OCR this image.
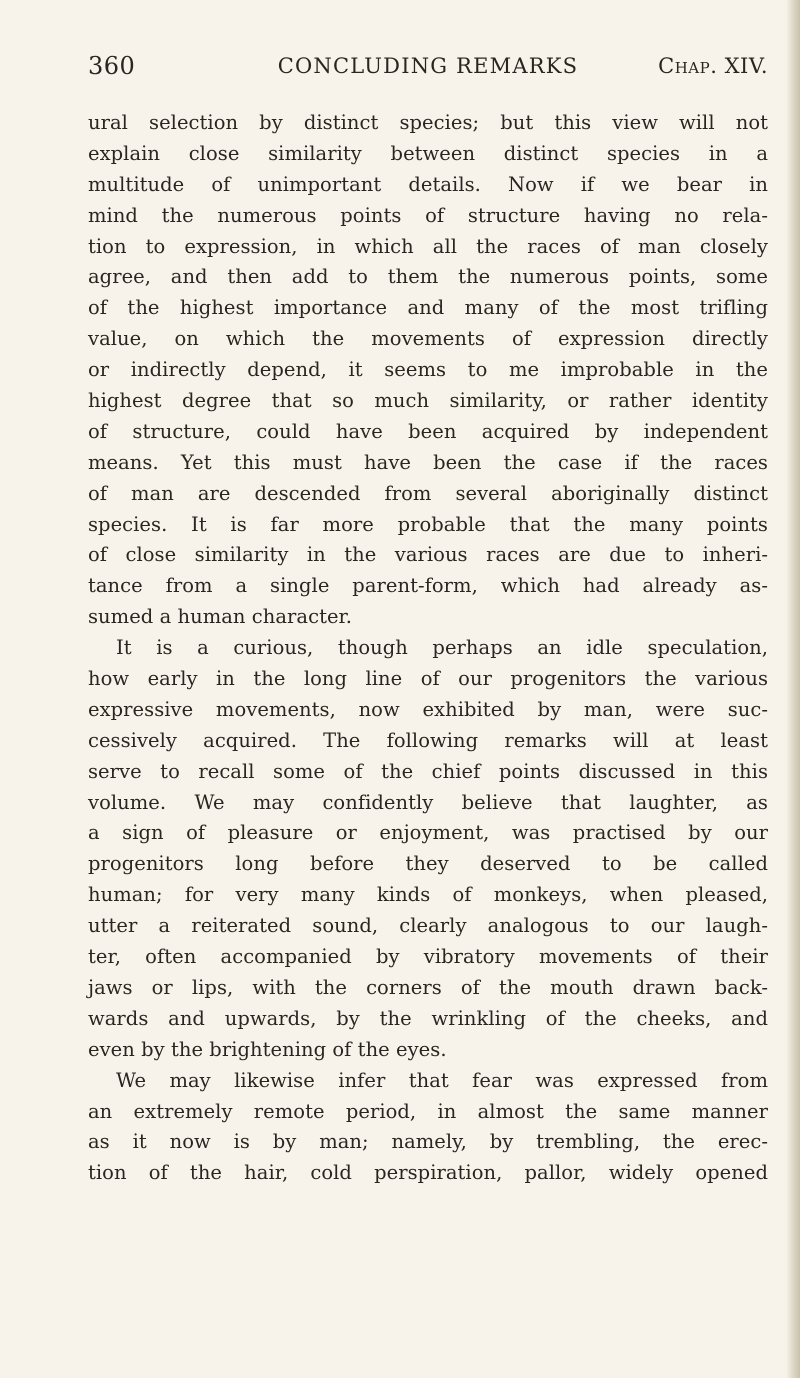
360	CONCLUDING REMARKS	Chap. XIV.
ural selection by distinct species; but this view will not
explain close similarity between distinct species in a
multitude of unimportant details. Now if we bear in
mind the numerous points of structure having no rela-
tion to expression, in which all the races of man closely
agree, and then add to them the numerous points, some
of the highest importance and many of the most trifling
value, on which the movements of expression directly
or indirectly depend, it seems to me improbable in the
highest degree that so much similarity, or rather identity
of structure, could have been acquired by independent
means. Yet this must have been the case if the races
of man are descended from several aboriginally distinct
species. It is far more probable that the many points
of close similarity in the various races are due to inheri-
tance from a single parent-form, which had already as-
sumed a human character.
It is a curious, though perhaps an idle speculation,
how early in the long line of our progenitors the various
expressive movements, now exhibited by man, were suc-
cessively acquired. The following remarks will at least
serve to recall some of the chief points discussed in this
volume. We may confidently believe that laughter, as
a sign of pleasure or enjoyment, was practised by our
progenitors long before they deserved to be called
human; for very many kinds of monkeys, when pleased,
utter a reiterated sound, clearly analogous to our laugh-
ter, often accompanied by vibratory movements of their
jaws or lips, with the corners of the mouth drawn back-
wards and upwards, by the wrinkling of the cheeks, and
even by the brightening of the eyes.
We may likewise infer that fear was expressed from
an extremely remote period, in almost the same manner
as it now is by man; namely, by trembling, the erec-
tion of the hair, cold perspiration, pallor, widely opened
